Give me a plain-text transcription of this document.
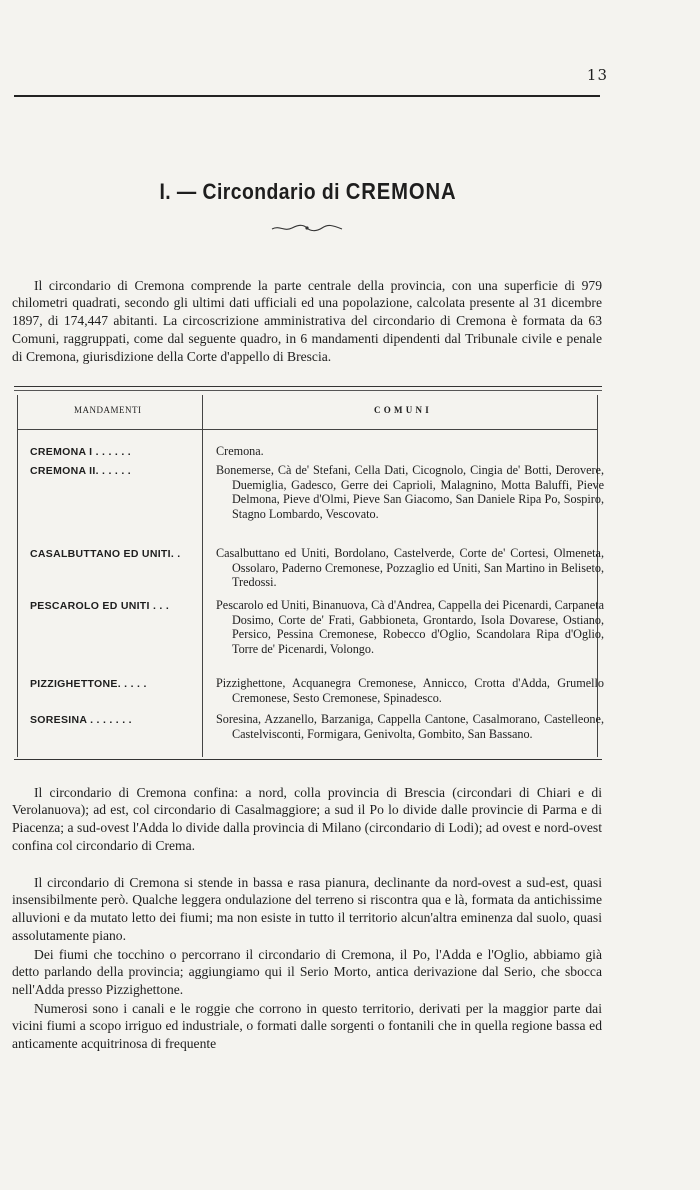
13
I. — Circondario di CREMONA

Il circondario di Cremona comprende la parte centrale della provincia, con una superficie di 979 chilometri quadrati, secondo gli ultimi dati ufficiali ed una popolazione, calcolata presente al 31 dicembre 1897, di 174,447 abitanti. La circoscrizione amministrativa del circondario di Cremona è formata da 63 Comuni, raggruppati, come dal seguente quadro, in 6 mandamenti dipendenti dal Tribunale civile e penale di Cremona, giurisdizione della Corte d'appello di Brescia.

MANDAMENTI	C O M U N I
CREMONA I . . . . . .	Cremona.
CREMONA II. . . . . .	Bonemerse, Cà de' Stefani, Cella Dati, Cicognolo, Cingia de' Botti, Derovere, Duemiglia, Gadesco, Gerre dei Caprioli, Malagnino, Motta Baluffi, Pieve Delmona, Pieve d'Olmi, Pieve San Giacomo, San Daniele Ripa Po, Sospiro, Stagno Lombardo, Vescovato.
CASALBUTTANO ED UNITI. .	Casalbuttano ed Uniti, Bordolano, Castelverde, Corte de' Cortesi, Olmeneta, Ossolaro, Paderno Cremonese, Pozzaglio ed Uniti, San Martino in Beliseto, Tredossi.
PESCAROLO ED UNITI . . .	Pescarolo ed Uniti, Binanuova, Cà d'Andrea, Cappella dei Picenardi, Carpaneta Dosimo, Corte de' Frati, Gabbioneta, Grontardo, Isola Dovarese, Ostiano, Persico, Pessina Cremonese, Robecco d'Oglio, Scandolara Ripa d'Oglio, Torre de' Picenardi, Volongo.
PIZZIGHETTONE. . . . .	Pizzighettone, Acquanegra Cremonese, Annicco, Crotta d'Adda, Grumello Cremonese, Sesto Cremonese, Spinadesco.
SORESINA . . . . . . .	Soresina, Azzanello, Barzaniga, Cappella Cantone, Casalmorano, Castelleone, Castelvisconti, Formigara, Genivolta, Gombito, San Bassano.

Il circondario di Cremona confina: a nord, colla provincia di Brescia (circondari di Chiari e di Verolanuova); ad est, col circondario di Casalmaggiore; a sud il Po lo divide dalle provincie di Parma e di Piacenza; a sud-ovest l'Adda lo divide dalla provincia di Milano (circondario di Lodi); ad ovest e nord-ovest confina col circondario di Crema.

Il circondario di Cremona si stende in bassa e rasa pianura, declinante da nord-ovest a sud-est, quasi insensibilmente però. Qualche leggera ondulazione del terreno si riscontra qua e là, formata da antichissime alluvioni e da mutato letto dei fiumi; ma non esiste in tutto il territorio alcun'altra eminenza dal suolo, quasi assolutamente piano.

Dei fiumi che tocchino o percorrano il circondario di Cremona, il Po, l'Adda e l'Oglio, abbiamo già detto parlando della provincia; aggiungiamo qui il Serio Morto, antica derivazione dal Serio, che sbocca nell'Adda presso Pizzighettone.

Numerosi sono i canali e le roggie che corrono in questo territorio, derivati per la maggior parte dai vicini fiumi a scopo irriguo ed industriale, o formati dalle sorgenti o fontanili che in quella regione bassa ed anticamente acquitrinosa di frequente
